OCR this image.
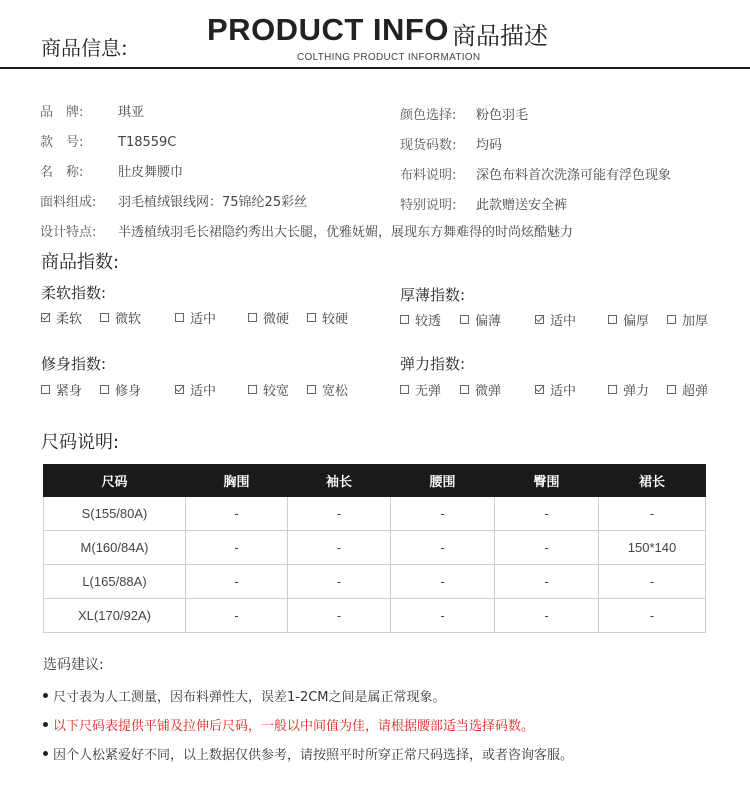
商品信息:
PRODUCT INFO 商品描述
COLTHING PRODUCT INFORMATION
品　牌:	琪亚
款　号:	T18559C
名　称:	肚皮舞腰巾
面料组成: 羽毛植绒银线网：75锦纶25彩丝
颜色选择: 粉色羽毛
现货码数: 均码
布料说明: 深色布料首次洗涤可能有浮色现象
特别说明: 此款赠送安全裤
设计特点: 半透植绒羽毛长裙隐约秀出大长腿，优雅妩媚，展现东方舞难得的时尚炫酷魅力
商品指数:
柔软指数:	厚薄指数:
修身指数:	弹力指数:
柔软	微软	适中	微硬	较硬	较透	偏薄	适中	偏厚	加厚
紧身	修身	适中	较宽	宽松	无弹	微弹	适中	弹力	超弹
尺码说明:
尺码	胸围	袖长	腰围	臀围	裙长
S(155/80A)	-	-	-	-	-
M(160/84A)	-	-	-	-	150*140
L(165/88A)	-	-	-	-	-
XL(170/92A)	-	-	-	-	-
选码建议:
尺寸表为人工测量，因布料弹性大，误差1-2CM之间是属正常现象。
以下尺码表提供平铺及拉伸后尺码，一般以中间值为佳，请根据腰部适当选择码数。
因个人松紧爱好不同，以上数据仅供参考，请按照平时所穿正常尺码选择，或者咨询客服。
